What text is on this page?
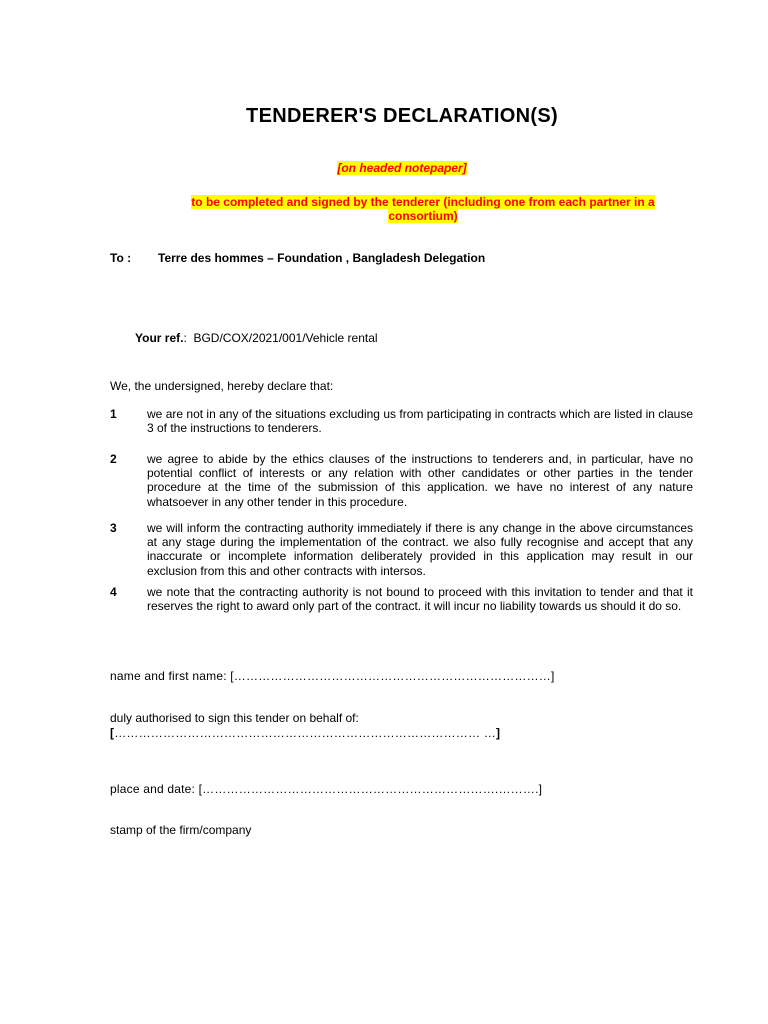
TENDERER'S DECLARATION(S)
[on headed notepaper]
to be completed and signed by the tenderer (including one from each partner in a consortium)
To : Terre des hommes – Foundation , Bangladesh Delegation
Your ref.: BGD/COX/2021/001/Vehicle rental
We, the undersigned, hereby declare that:
1	we are not in any of the situations excluding us from participating in contracts which are listed in clause 3 of the instructions to tenderers.
2	we agree to abide by the ethics clauses of the instructions to tenderers and, in particular, have no potential conflict of interests or any relation with other candidates or other parties in the tender procedure at the time of the submission of this application. we have no interest of any nature whatsoever in any other tender in this procedure.
3	we will inform the contracting authority immediately if there is any change in the above circumstances at any stage during the implementation of the contract. we also fully recognise and accept that any inaccurate or incomplete information deliberately provided in this application may result in our exclusion from this and other contracts with intersos.
4	we note that the contracting authority is not bound to proceed with this invitation to tender and that it reserves the right to award only part of the contract. it will incur no liability towards us should it do so.
name and first name: [……………………………………………………………………]
duly authorised to sign this tender on behalf of:
[……………………………………………………………………………… …]
place and date: [……………………………………………………………….……….]
stamp of the firm/company
